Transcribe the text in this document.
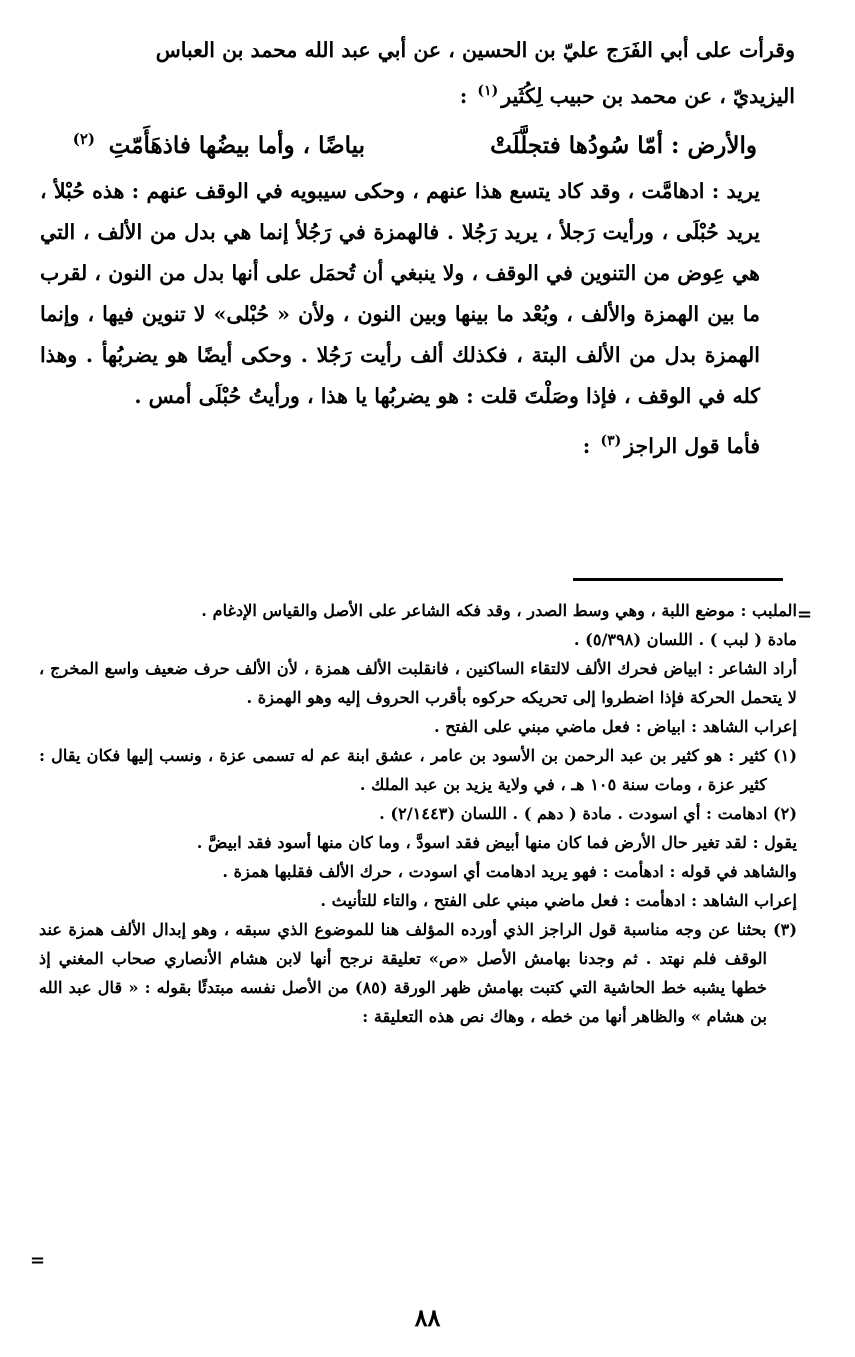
وقرأت على أبي الفَرَج عليّ بن الحسين ، عن أبي عبد الله محمد بن العباس

اليزيديّ ، عن محمد بن حبيب لِكُثَير$^{(١)}$ :

والأرض : أمّا سُودُها فتجلَّلَتْ
بياضًا ، وأما بيضُها فاذهَأَمّتِ
(٢)

يريد : ادهامَّت ، وقد كاد يتسع هذا عنهم ، وحكى سيبويه في الوقف عنهم : هذه حُبْلأ ، يريد حُبْلَى ، ورأيت رَجلأ ، يريد رَجُلا . فالهمزة في رَجُلأ إنما هي بدل من الألف ، التي هي عِوض من التنوين في الوقف ، ولا ينبغي أن تُحمَل على أنها بدل من النون ، لقرب ما بين الهمزة والألف ، وبُعْد ما بينها وبين النون ، ولأن « حُبْلى» لا تنوين فيها ، وإنما الهمزة بدل من الألف البتة ، فكذلك ألف رأيت رَجُلا . وحكى أيضًا هو يضربُهأ . وهذا كله في الوقف ، فإذا وصَلْتَ قلت : هو يضربُها يا هذا ، ورأيتُ حُبْلَى أمس .

فأما قول الراجز$^{(٣)}$ :

=

الملبب : موضع اللبة ، وهي وسط الصدر ، وقد فكه الشاعر على الأصل والقياس الإدغام .

مادة ( لبب ) . اللسان (٥/٣٩٨) .

أراد الشاعر : ابياض فحرك الألف لالتقاء الساكنين ، فانقلبت الألف همزة ، لأن الألف حرف ضعيف واسع المخرج ، لا يتحمل الحركة فإذا اضطروا إلى تحريكه حركوه بأقرب الحروف إليه وهو الهمزة .

إعراب الشاهد : ابياض : فعل ماضي مبني على الفتح .

(١) كثير : هو كثير بن عبد الرحمن بن الأسود بن عامر ، عشق ابنة عم له تسمى عزة ، ونسب إليها فكان يقال : كثير عزة ، ومات سنة ١٠٥ هـ ، في ولاية يزيد بن عبد الملك .

(٢) ادهامت : أي اسودت . مادة ( دهم ) . اللسان (٢/١٤٤٣) .

يقول : لقد تغير حال الأرض فما كان منها أبيض فقد اسودَّ ، وما كان منها أسود فقد ابيضَّ .

والشاهد في قوله : ادهأمت : فهو يريد ادهامت أي اسودت ، حرك الألف فقلبها همزة .

إعراب الشاهد : ادهأمت : فعل ماضي مبني على الفتح ، والتاء للتأنيث .

(٣) بحثنا عن وجه مناسبة قول الراجز الذي أورده المؤلف هنا للموضوع الذي سبقه ، وهو إبدال الألف همزة عند الوقف فلم نهتد . ثم وجدنا بهامش الأصل «ص» تعليقة نرجح أنها لابن هشام الأنصاري صحاب المغني إذ خطها يشبه خط الحاشية التي كتبت بهامش ظهر الورقة (٨٥) من الأصل نفسه مبتدئًا بقوله : « قال عبد الله بن هشام » والظاهر أنها من خطه ، وهاك نص هذه التعليقة :

=
٨٨
